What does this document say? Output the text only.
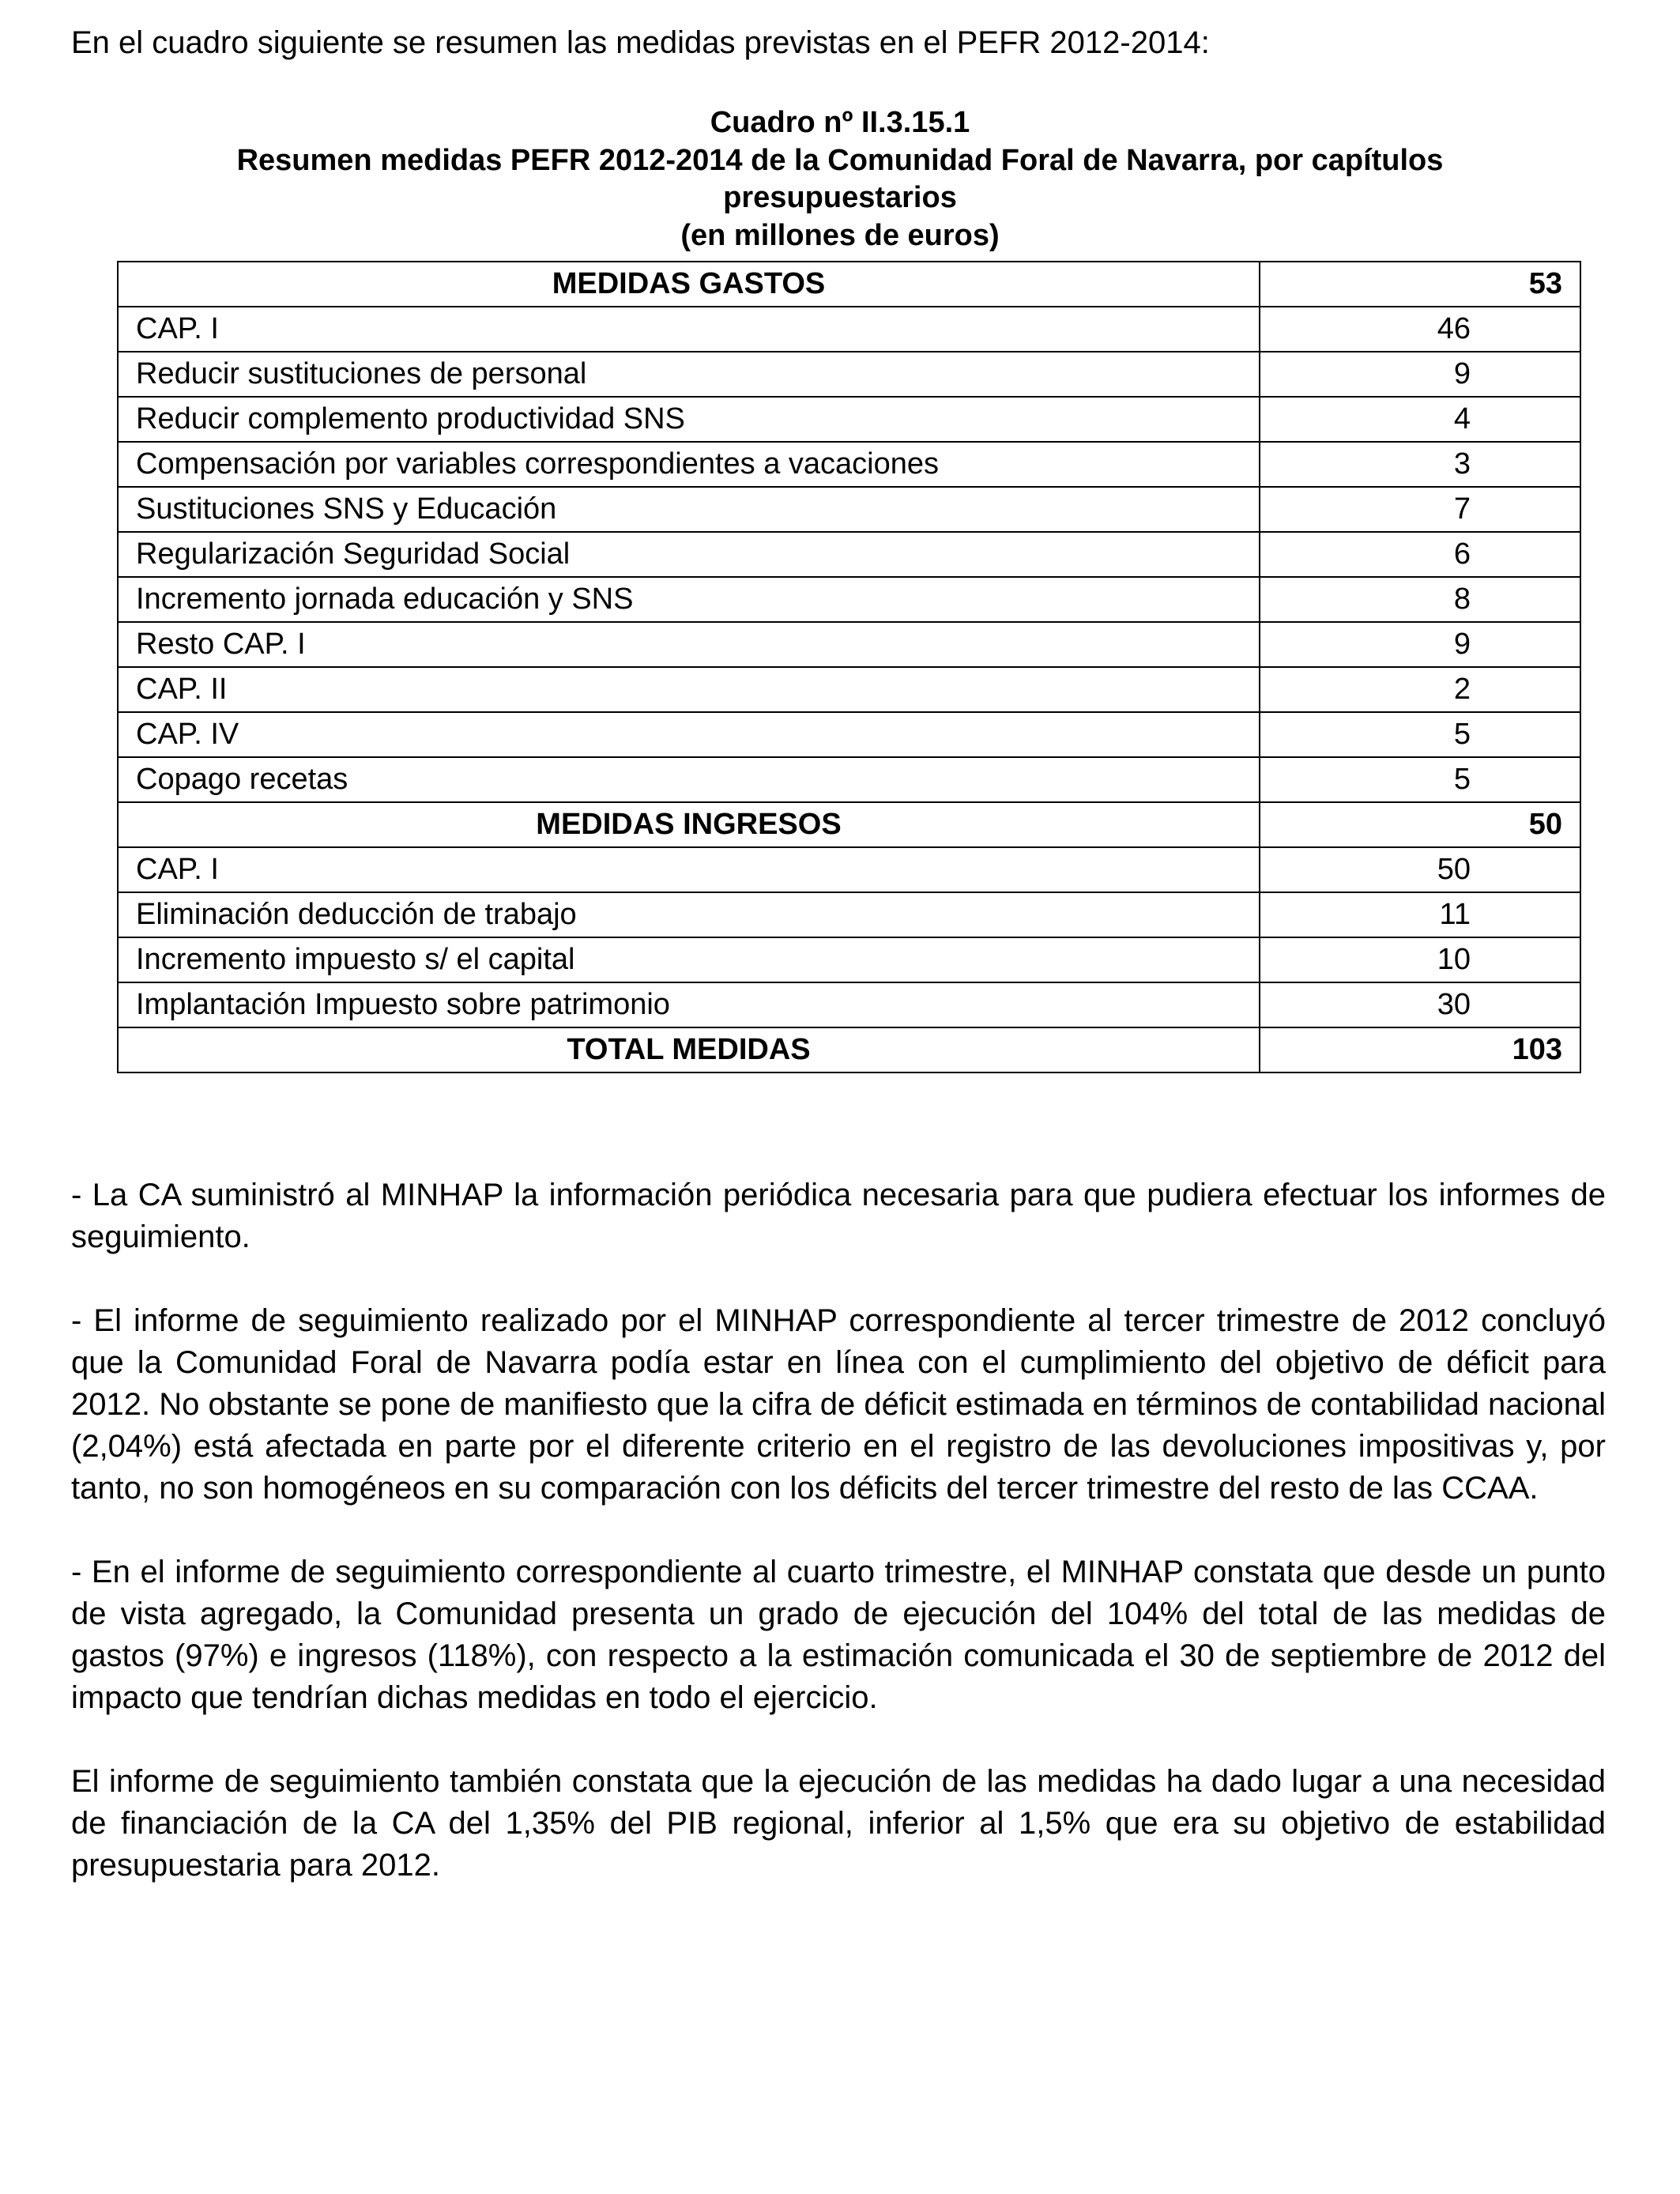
En el cuadro siguiente se resumen las medidas previstas en el PEFR 2012-2014:

Cuadro nº II.3.15.1
Resumen medidas PEFR 2012-2014 de la Comunidad Foral de Navarra, por capítulos
presupuestarios
(en millones de euros)
MEDIDAS GASTOS	53
CAP. I	46
Reducir sustituciones de personal	9
Reducir complemento productividad SNS	4
Compensación por variables correspondientes a vacaciones	3
Sustituciones SNS y Educación	7
Regularización Seguridad Social	6
Incremento jornada educación y SNS	8
Resto CAP. I	9
CAP. II	2
CAP. IV	5
Copago recetas	5
MEDIDAS INGRESOS	50
CAP. I	50
Eliminación deducción de trabajo	11
Incremento impuesto s/ el capital	10
Implantación Impuesto sobre patrimonio	30
TOTAL MEDIDAS	103

- La CA suministró al MINHAP la información periódica necesaria para que pudiera efectuar los informes de seguimiento.

- El informe de seguimiento realizado por el MINHAP correspondiente al tercer trimestre de 2012 concluyó que la Comunidad Foral de Navarra podía estar en línea con el cumplimiento del objetivo de déficit para 2012. No obstante se pone de manifiesto que la cifra de déficit estimada en términos de contabilidad nacional (2,04%) está afectada en parte por el diferente criterio en el registro de las devoluciones impositivas y, por tanto, no son homogéneos en su comparación con los déficits del tercer trimestre del resto de las CCAA.

- En el informe de seguimiento correspondiente al cuarto trimestre, el MINHAP constata que desde un punto de vista agregado, la Comunidad presenta un grado de ejecución del 104% del total de las medidas de gastos (97%) e ingresos (118%), con respecto a la estimación comunicada el 30 de septiembre de 2012 del impacto que tendrían dichas medidas en todo el ejercicio.

El informe de seguimiento también constata que la ejecución de las medidas ha dado lugar a una necesidad de financiación de la CA del 1,35% del PIB regional, inferior al 1,5% que era su objetivo de estabilidad presupuestaria para 2012.
